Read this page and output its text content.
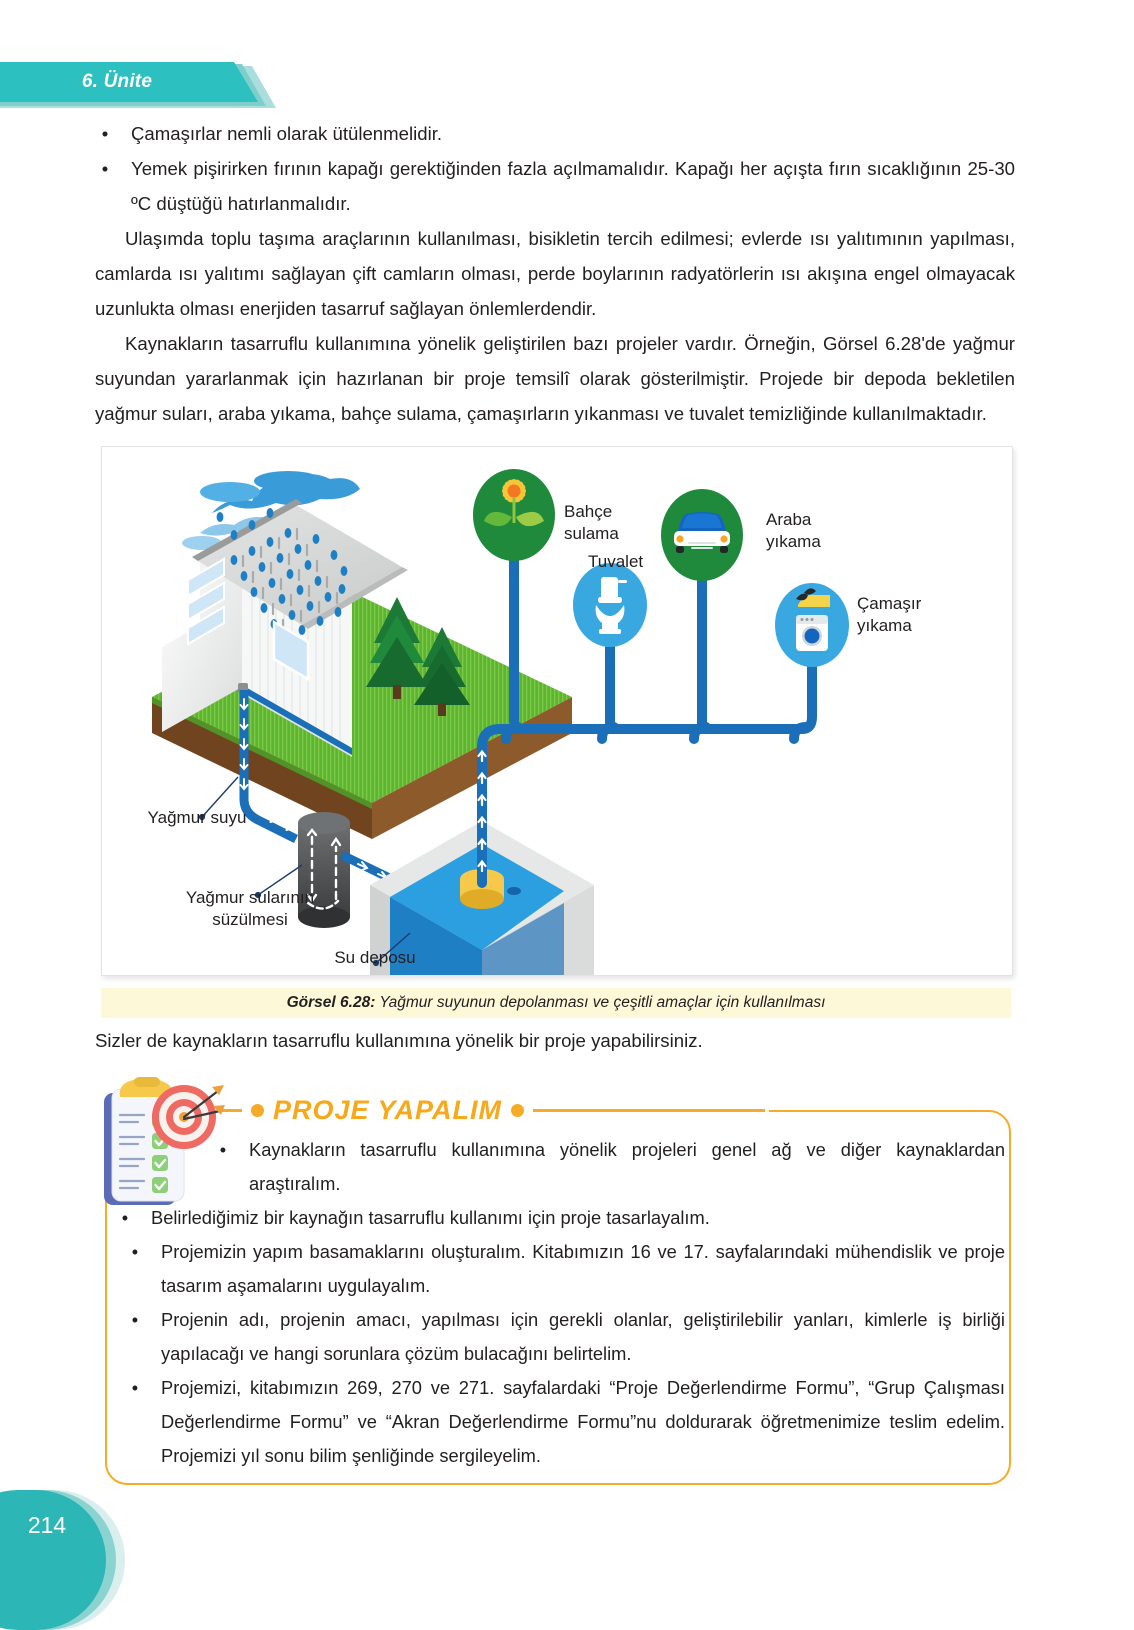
6. Ünite

• Çamaşırlar nemli olarak ütülenmelidir.

• Yemek pişirirken fırının kapağı gerektiğinden fazla açılmamalıdır. Kapağı her açışta fırın sıcaklığının 25-30 ºC düştüğü hatırlanmalıdır.

Ulaşımda toplu taşıma araçlarının kullanılması, bisikletin tercih edilmesi; evlerde ısı yalıtımının yapılması, camlarda ısı yalıtımı sağlayan çift camların olması, perde boylarının radyatörlerin ısı akışına engel olmayacak uzunlukta olması enerjiden tasarruf sağlayan önlemlerdendir.

Kaynakların tasarruflu kullanımına yönelik geliştirilen bazı projeler vardır. Örneğin, Görsel 6.28'de yağmur suyundan yararlanmak için hazırlanan bir proje temsilî olarak gösterilmiştir. Projede bir depoda bekletilen yağmur suları, araba yıkama, bahçe sulama, çamaşırların yıkanması ve tuvalet temizliğinde kullanılmaktadır.

Bahçe
sulama
Araba
yıkama
Tuvalet
Çamaşır
yıkama
Yağmur suyu
Yağmur sularının
süzülmesi
Su deposu
Görsel 6.28: Yağmur suyunun depolanması ve çeşitli amaçlar için kullanılması
Sizler de kaynakların tasarruflu kullanımına yönelik bir proje yapabilirsiniz.
PROJE YAPALIM

• Kaynakların tasarruflu kullanımına yönelik projeleri genel ağ ve diğer kaynaklardan araştıralım.

• Belirlediğimiz bir kaynağın tasarruflu kullanımı için proje tasarlayalım.

• Projemizin yapım basamaklarını oluşturalım. Kitabımızın 16 ve 17. sayfalarındaki mühendislik ve proje tasarım aşamalarını uygulayalım.

• Projenin adı, projenin amacı, yapılması için gerekli olanlar, geliştirilebilir yanları, kimlerle iş birliği yapılacağı ve hangi sorunlara çözüm bulacağını belirtelim.

• Projemizi, kitabımızın 269, 270 ve 271. sayfalardaki “Proje Değerlendirme Formu”, “Grup Çalışması Değerlendirme Formu” ve “Akran Değerlendirme Formu”nu doldurarak öğretmenimize teslim edelim. Projemizi yıl sonu bilim şenliğinde sergileyelim.

214
